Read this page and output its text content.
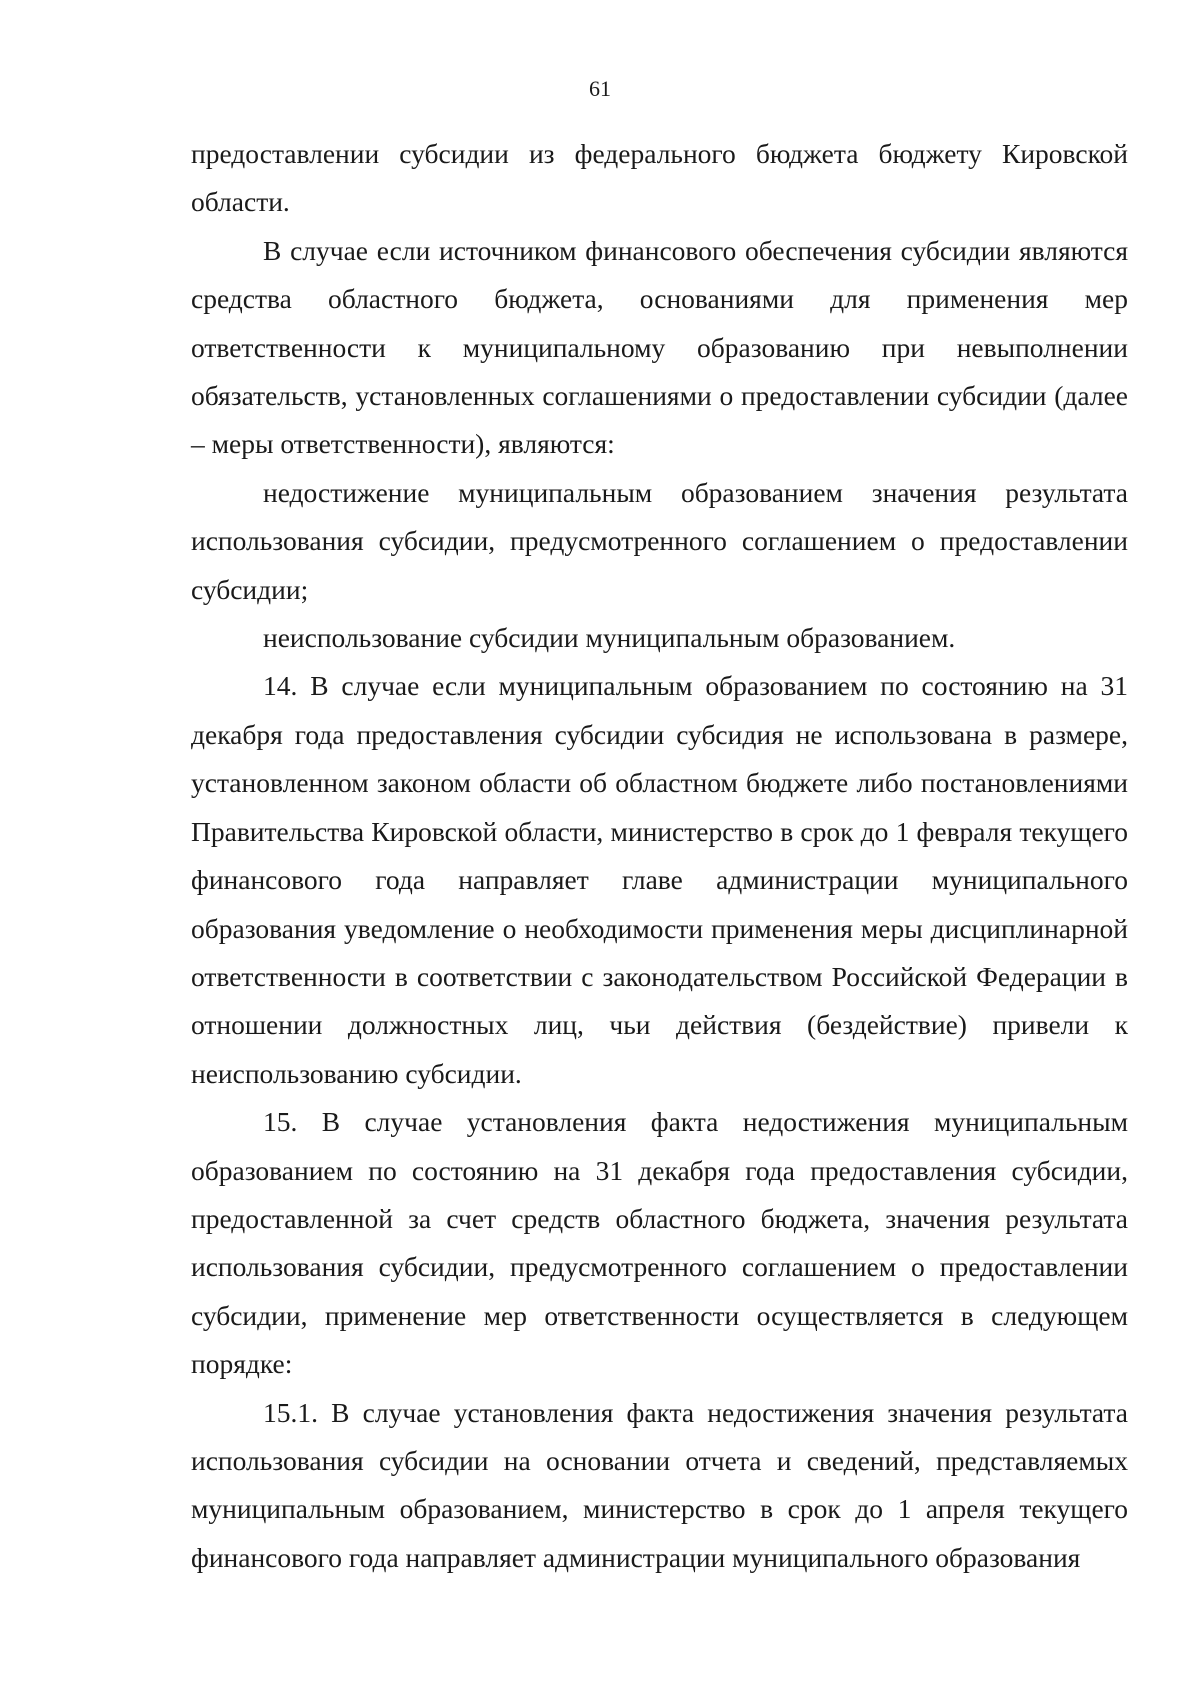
61

предоставлении субсидии из федерального бюджета бюджету Кировской области.

В случае если источником финансового обеспечения субсидии являются средства областного бюджета, основаниями для применения мер ответственности к муниципальному образованию при невыполнении обязательств, установленных соглашениями о предоставлении субсидии (далее – меры ответственности), являются:

недостижение муниципальным образованием значения результата использования субсидии, предусмотренного соглашением о предоставлении субсидии;

неиспользование субсидии муниципальным образованием.

14. В случае если муниципальным образованием по состоянию на 31 декабря года предоставления субсидии субсидия не использована в размере, установленном законом области об областном бюджете либо постановлениями Правительства Кировской области, министерство в срок до 1 февраля текущего финансового года направляет главе администрации муниципального образования уведомление о необходимости применения меры дисциплинарной ответственности в соответствии с законодательством Российской Федерации в отношении должностных лиц, чьи действия (бездействие) привели к неиспользованию субсидии.

15. В случае установления факта недостижения муниципальным образованием по состоянию на 31 декабря года предоставления субсидии, предоставленной за счет средств областного бюджета, значения результата использования субсидии, предусмотренного соглашением о предоставлении субсидии, применение мер ответственности осуществляется в следующем порядке:

15.1. В случае установления факта недостижения значения результата использования субсидии на основании отчета и сведений, представляемых муниципальным образованием, министерство в срок до 1 апреля текущего финансового года направляет администрации муниципального образования
